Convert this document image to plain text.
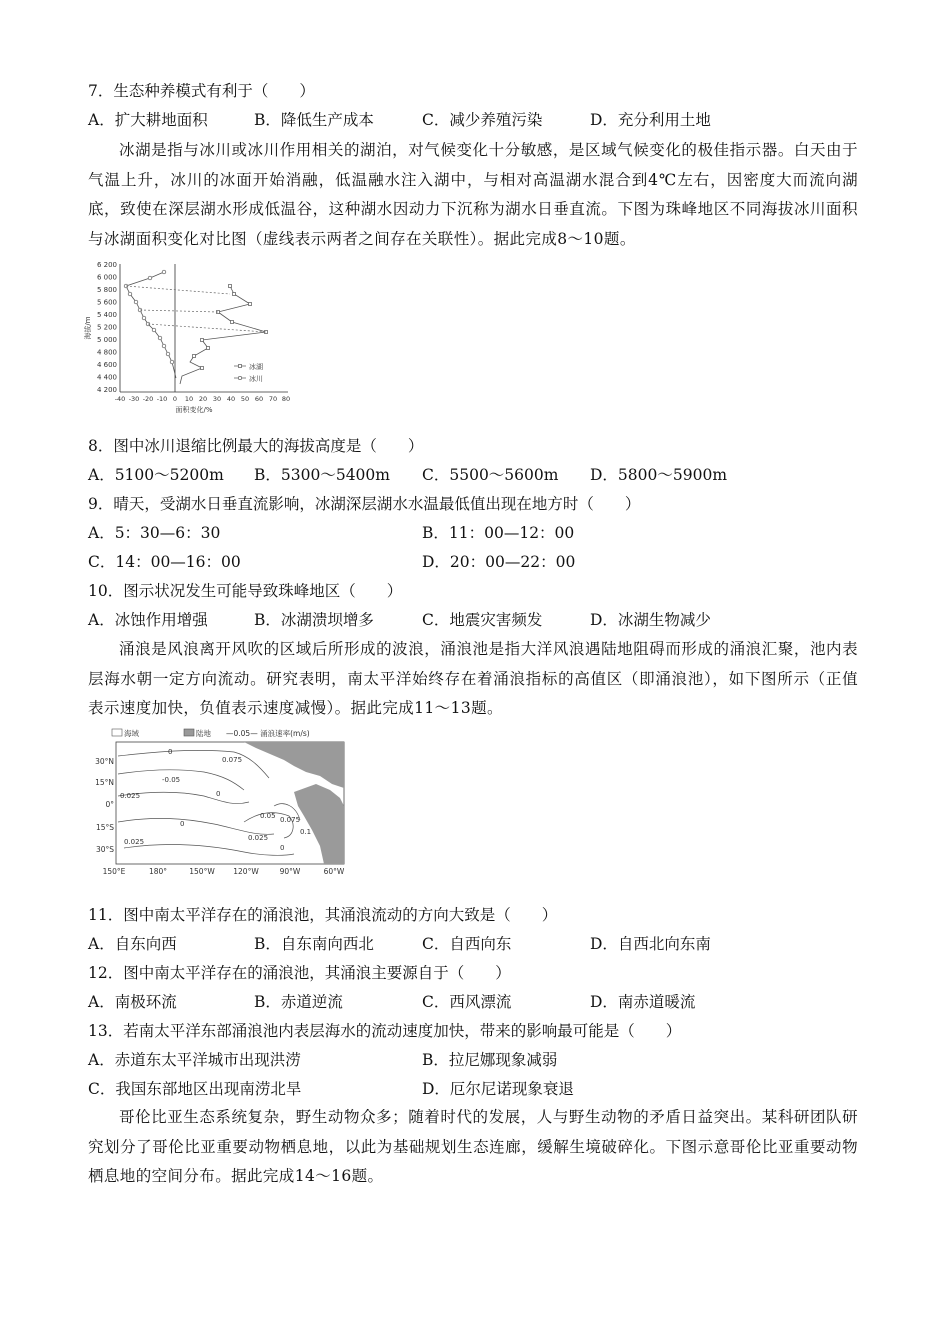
7．生态种养模式有利于（　　）
A．扩大耕地面积	B．降低生产成本	C．减少养殖污染	D．充分利用土地
冰湖是指与冰川或冰川作用相关的湖泊，对气候变化十分敏感，是区域气候变化的极佳指示器。白天由于气温上升，冰川的冰面开始消融，低温融水注入湖中，与相对高温湖水混合到4℃左右，因密度大而流向湖底，致使在深层湖水形成低温谷，这种湖水因动力下沉称为湖水日垂直流。下图为珠峰地区不同海拔冰川面积与冰湖面积变化对比图（虚线表示两者之间存在关联性）。据此完成8～10题。
6 200
6 000
5 800
5 600
5 400
5 200
5 000
4 800
4 600
4 400
4 200
海拔/m
-40 -30 -20 -10 0 10 20 30 40 50 60 70 80
面积变化/%
冰湖
冰川
8．图中冰川退缩比例最大的海拔高度是（　　）
A．5100～5200m B．5300～5400m C．5500～5600m D．5800～5900m
9．晴天，受湖水日垂直流影响，冰湖深层湖水水温最低值出现在地方时（　　）
A．5：30—6：30	B．11：00—12：00
C．14：00—16：00	D．20：00—22：00
10．图示状况发生可能导致珠峰地区（　　）
A．冰蚀作用增强	B．冰湖溃坝增多	C．地震灾害频发	D．冰湖生物减少
涌浪是风浪离开风吹的区域后所形成的波浪，涌浪池是指大洋风浪遇陆地阻碍而形成的涌浪汇聚，池内表层海水朝一定方向流动。研究表明，南太平洋始终存在着涌浪指标的高值区（即涌浪池），如下图所示（正值表示速度加快，负值表示速度减慢）。据此完成11～13题。
海域	陆地 —0.05— 涌浪速率(m/s)
0
0.075
-0.05
0
0.025
0
0.05 0.075
0.1
0.025
0.025
0
30°N
15°N
0°
15°S
30°S
150°E	180°	150°W 120°W	90°W	60°W
11．图中南太平洋存在的涌浪池，其涌浪流动的方向大致是（　　）
A．自东向西	B．自东南向西北	C．自西向东	D．自西北向东南
12．图中南太平洋存在的涌浪池，其涌浪主要源自于（　　）
A．南极环流	B．赤道逆流	C．西风漂流	D．南赤道暖流
13．若南太平洋东部涌浪池内表层海水的流动速度加快，带来的影响最可能是（　　）
A．赤道东太平洋城市出现洪涝	B．拉尼娜现象减弱
C．我国东部地区出现南涝北旱	D．厄尔尼诺现象衰退
哥伦比亚生态系统复杂，野生动物众多；随着时代的发展，人与野生动物的矛盾日益突出。某科研团队研究划分了哥伦比亚重要动物栖息地，以此为基础规划生态连廊，缓解生境破碎化。下图示意哥伦比亚重要动物栖息地的空间分布。据此完成14～16题。
